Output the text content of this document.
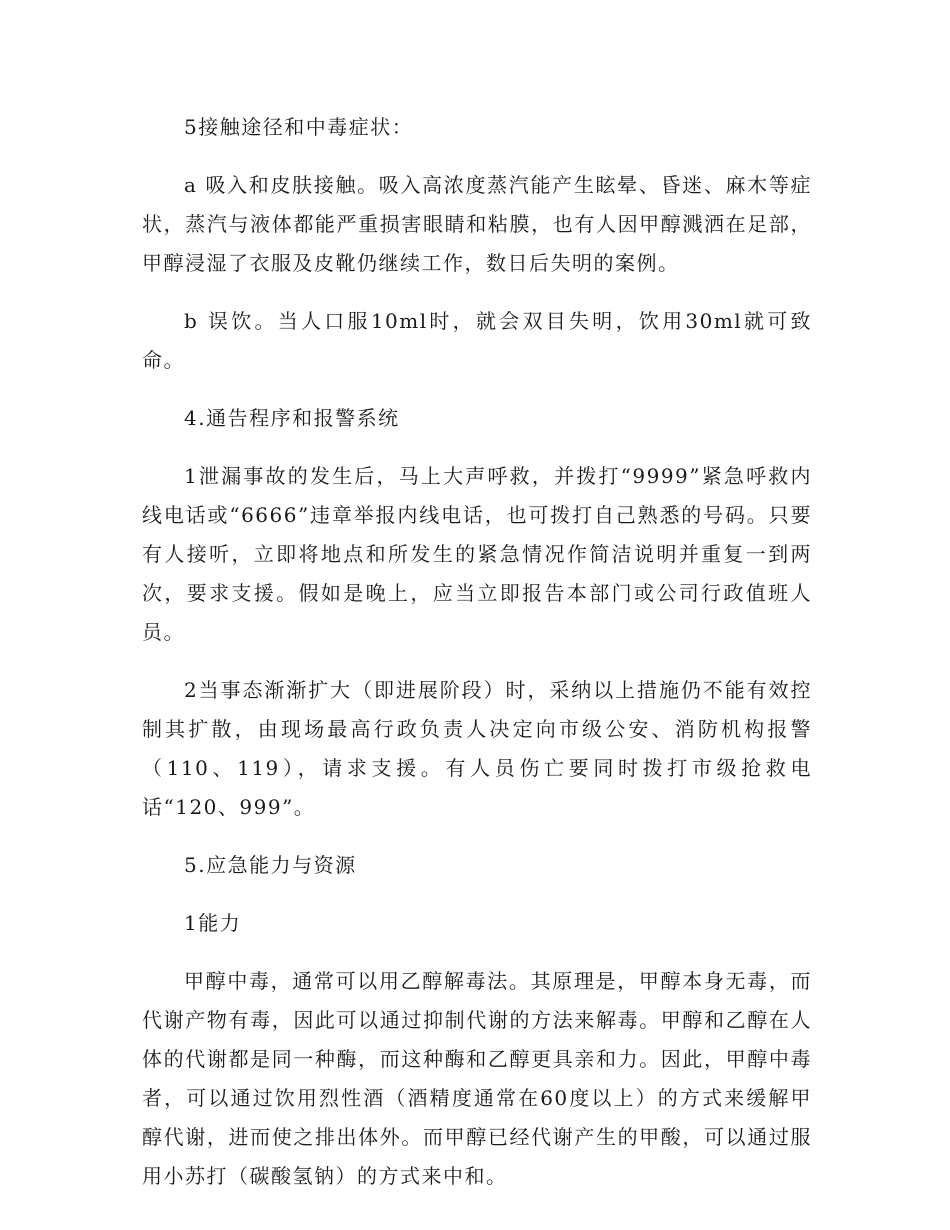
5接触途径和中毒症状：

a 吸入和皮肤接触。吸入高浓度蒸汽能产生眩晕、昏迷、麻木等症状，蒸汽与液体都能严重损害眼睛和粘膜，也有人因甲醇溅洒在足部，甲醇浸湿了衣服及皮靴仍继续工作，数日后失明的案例。

b 误饮。当人口服10ml时，就会双目失明，饮用30ml就可致命。

4.通告程序和报警系统

1泄漏事故的发生后，马上大声呼救，并拨打“9999”紧急呼救内线电话或“6666”违章举报内线电话，也可拨打自己熟悉的号码。只要有人接听，立即将地点和所发生的紧急情况作简洁说明并重复一到两次，要求支援。假如是晚上，应当立即报告本部门或公司行政值班人员。

2当事态渐渐扩大（即进展阶段）时，采纳以上措施仍不能有效控制其扩散，由现场最高行政负责人决定向市级公安、消防机构报警（110、119），请求支援。有人员伤亡要同时拨打市级抢救电话“120、999”。

5.应急能力与资源

1能力

甲醇中毒，通常可以用乙醇解毒法。其原理是，甲醇本身无毒，而代谢产物有毒，因此可以通过抑制代谢的方法来解毒。甲醇和乙醇在人体的代谢都是同一种酶，而这种酶和乙醇更具亲和力。因此，甲醇中毒者，可以通过饮用烈性酒（酒精度通常在60度以上）的方式来缓解甲醇代谢，进而使之排出体外。而甲醇已经代谢产生的甲酸，可以通过服用小苏打（碳酸氢钠）的方式来中和。
